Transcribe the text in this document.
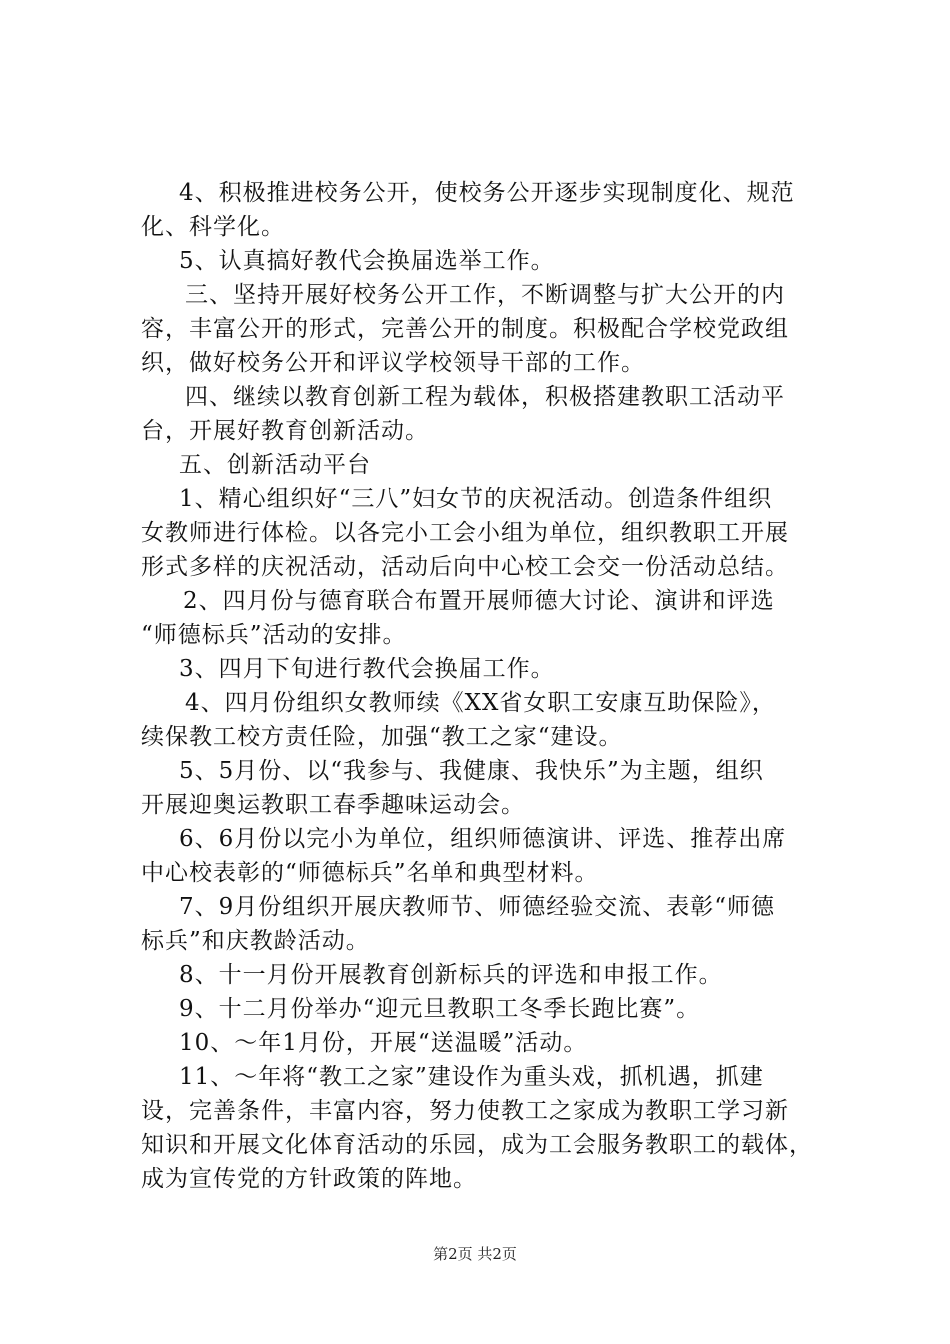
4、积极推进校务公开，使校务公开逐步实现制度化、规范
化、科学化。
5、认真搞好教代会换届选举工作。
三、坚持开展好校务公开工作，不断调整与扩大公开的内
容，丰富公开的形式，完善公开的制度。积极配合学校党政组
织，做好校务公开和评议学校领导干部的工作。
四、继续以教育创新工程为载体，积极搭建教职工活动平
台，开展好教育创新活动。
五、创新活动平台
1、精心组织好“三八”妇女节的庆祝活动。创造条件组织
女教师进行体检。以各完小工会小组为单位，组织教职工开展
形式多样的庆祝活动，活动后向中心校工会交一份活动总结。
2、四月份与德育联合布置开展师德大讨论、演讲和评选
“师德标兵”活动的安排。
3、四月下旬进行教代会换届工作。
4、四月份组织女教师续《XX省女职工安康互助保险》，
续保教工校方责任险，加强“教工之家“建设。
5、5月份、以“我参与、我健康、我快乐”为主题，组织
开展迎奥运教职工春季趣味运动会。
6、6月份以完小为单位，组织师德演讲、评选、推荐出席
中心校表彰的“师德标兵”名单和典型材料。
7、9月份组织开展庆教师节、师德经验交流、表彰“师德
标兵”和庆教龄活动。
8、十一月份开展教育创新标兵的评选和申报工作。
9、十二月份举办“迎元旦教职工冬季长跑比赛”。
10、～年1月份，开展“送温暖”活动。
11、～年将“教工之家”建设作为重头戏，抓机遇，抓建
设，完善条件，丰富内容，努力使教工之家成为教职工学习新
知识和开展文化体育活动的乐园，成为工会服务教职工的载体，
成为宣传党的方针政策的阵地。
第2页 共2页
